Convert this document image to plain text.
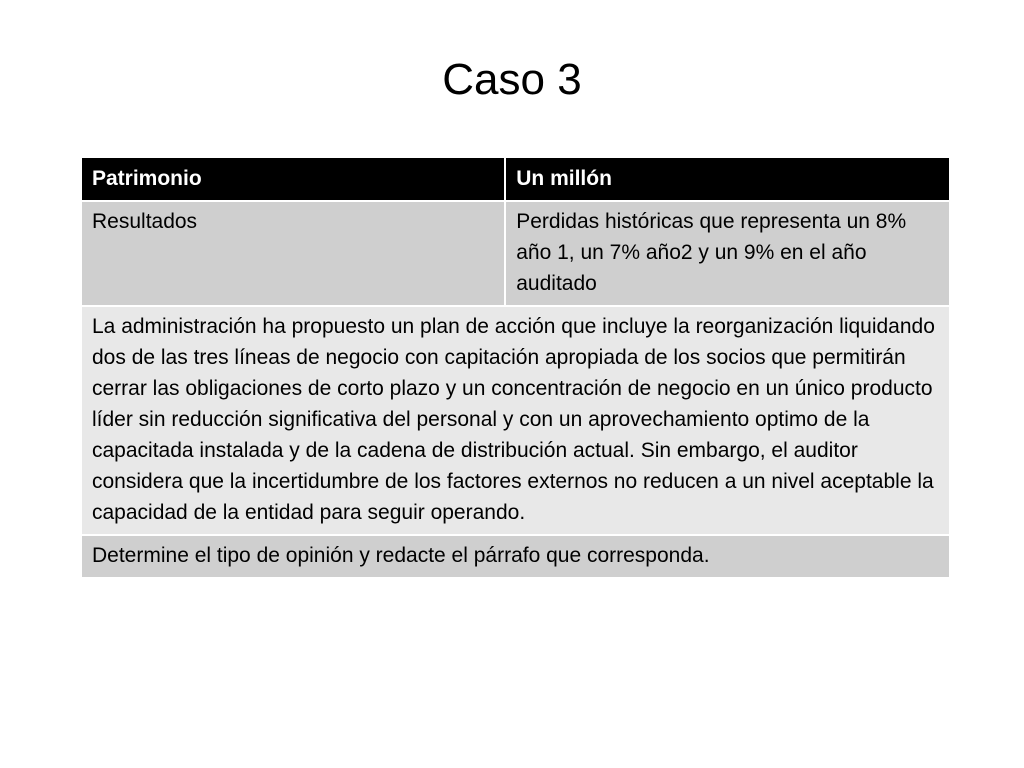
Caso 3
Patrimonio	Un millón
Resultados	Perdidas históricas que representa un 8% año 1, un 7% año2 y un 9% en el año auditado
La administración ha propuesto un plan de acción que incluye la reorganización liquidando dos de las tres líneas de negocio con capitación apropiada de los socios que permitirán cerrar las obligaciones de corto plazo y un concentración de negocio en un único producto líder sin reducción significativa del personal y con un aprovechamiento optimo de la capacitada instalada y de la cadena de distribución actual. Sin embargo, el auditor considera que la incertidumbre de los factores externos no reducen a un nivel aceptable la capacidad de la entidad para seguir operando.	
Determine el tipo de opinión y redacte el párrafo que corresponda.	
